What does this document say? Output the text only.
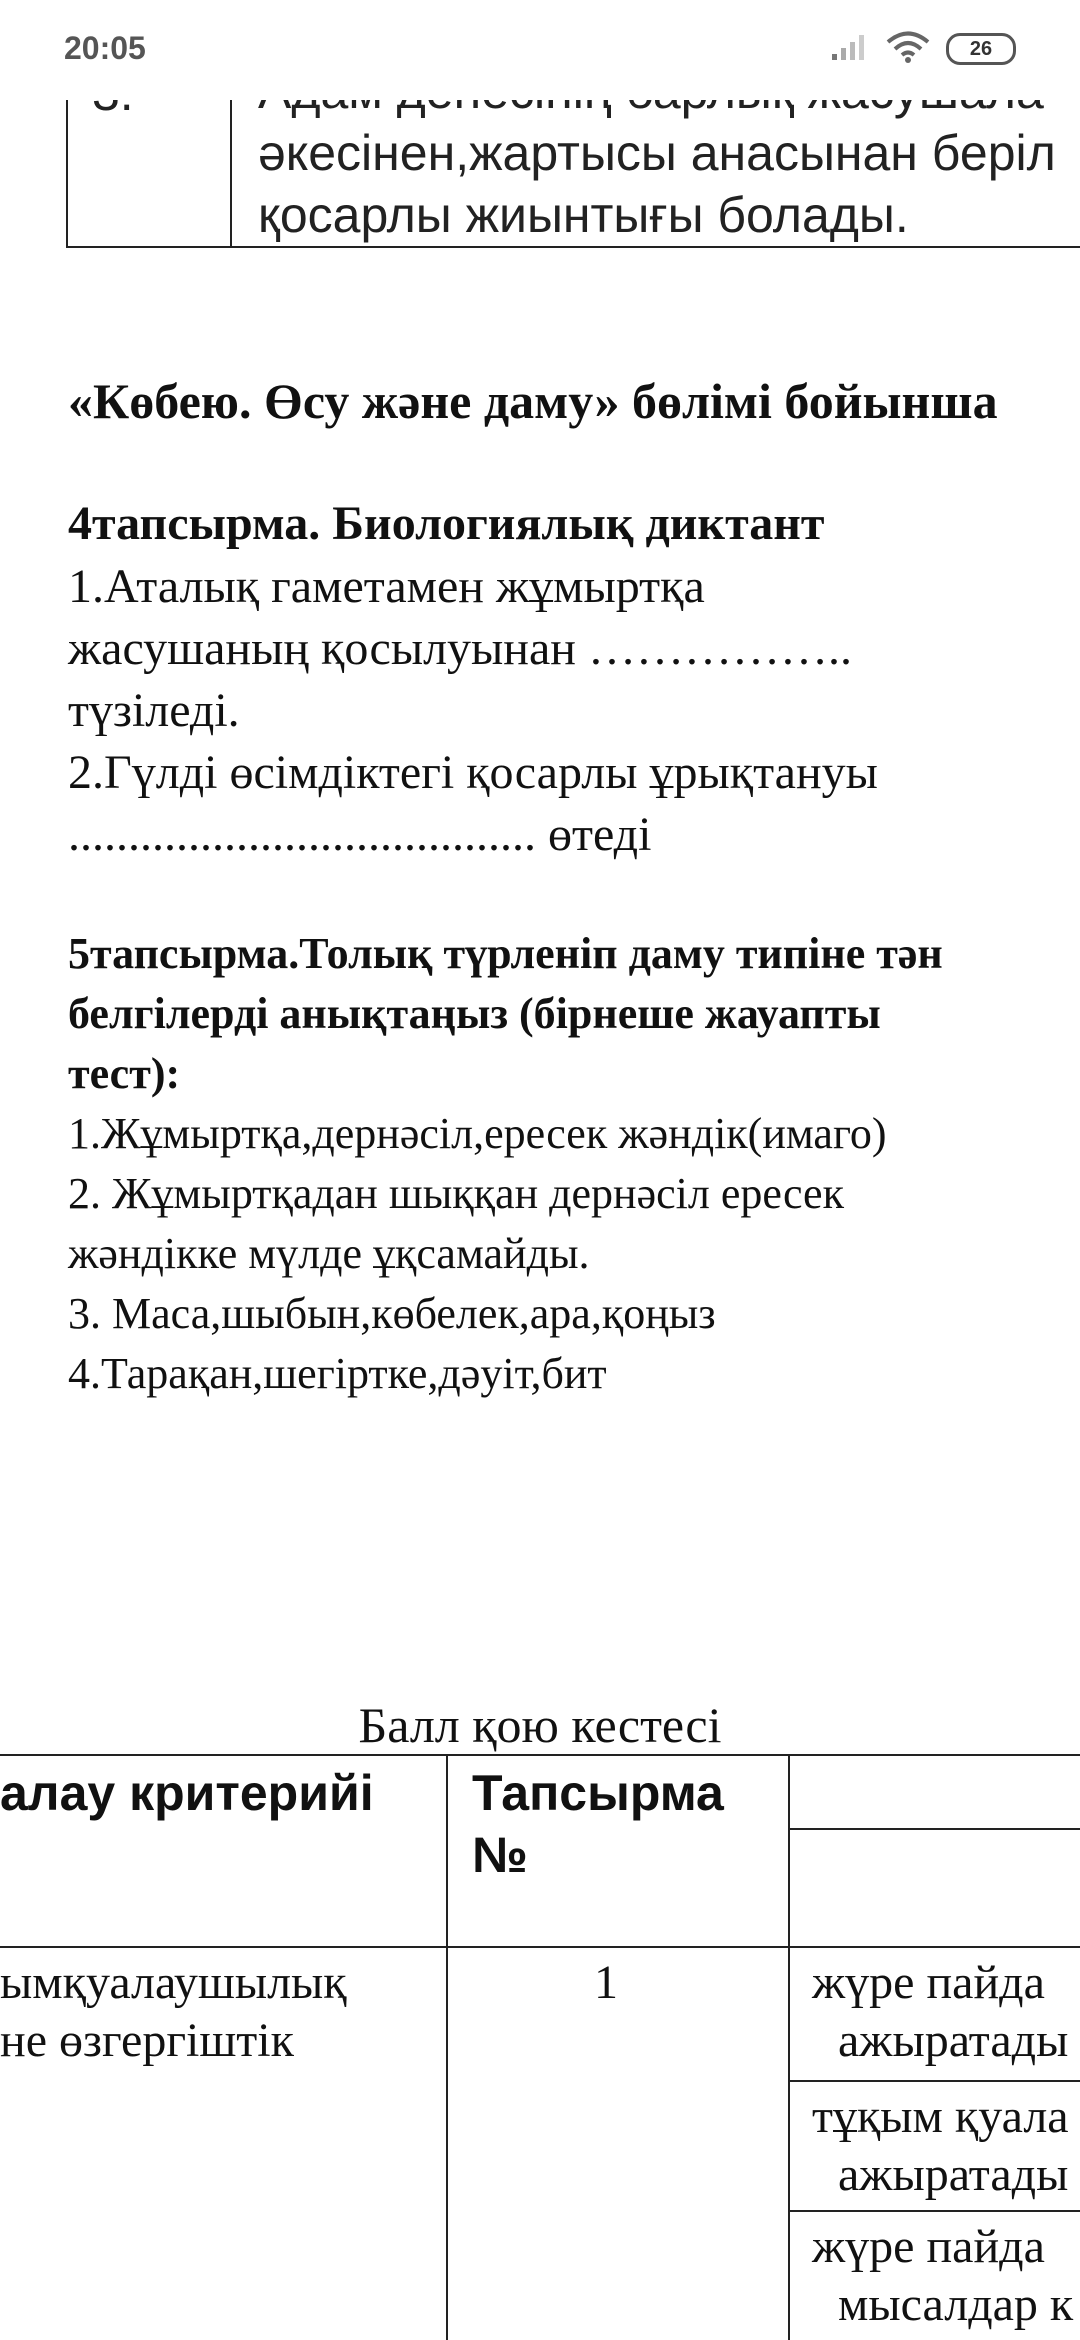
20:05	26
әкесінен,жартысы анасынан беріл
қосарлы жиынтығы болады.
«Көбею. Өсу және даму» бөлімі бойынша
4тапсырма. Биологиялық диктант
1.Аталық гаметамен жұмыртқа
жасушаның қосылуынан ……………..
түзіледі.
2.Гүлді өсімдіктегі қосарлы ұрықтануы
....................................... өтеді
5тапсырма.Толық түрленіп даму типіне тән
белгілерді анықтаңыз (бірнеше жауапты
тест):
1.Жұмыртқа,дернәсіл,ересек жәндік(имаго)
2. Жұмыртқадан шыққан дернәсіл ересек
жәндікке мүлде ұқсамайды.
3. Маса,шыбын,көбелек,ара,қоңыз
4.Тарақан,шегіртке,дәуіт,бит
Балл қою кестесі
алау критерийі Тапсырма
№
ымқуалаушылық
не өзгергіштік
1	жүре пайда
ажыратады
тұқым қуала
ажыратады
жүре пайда
мысалдар к
